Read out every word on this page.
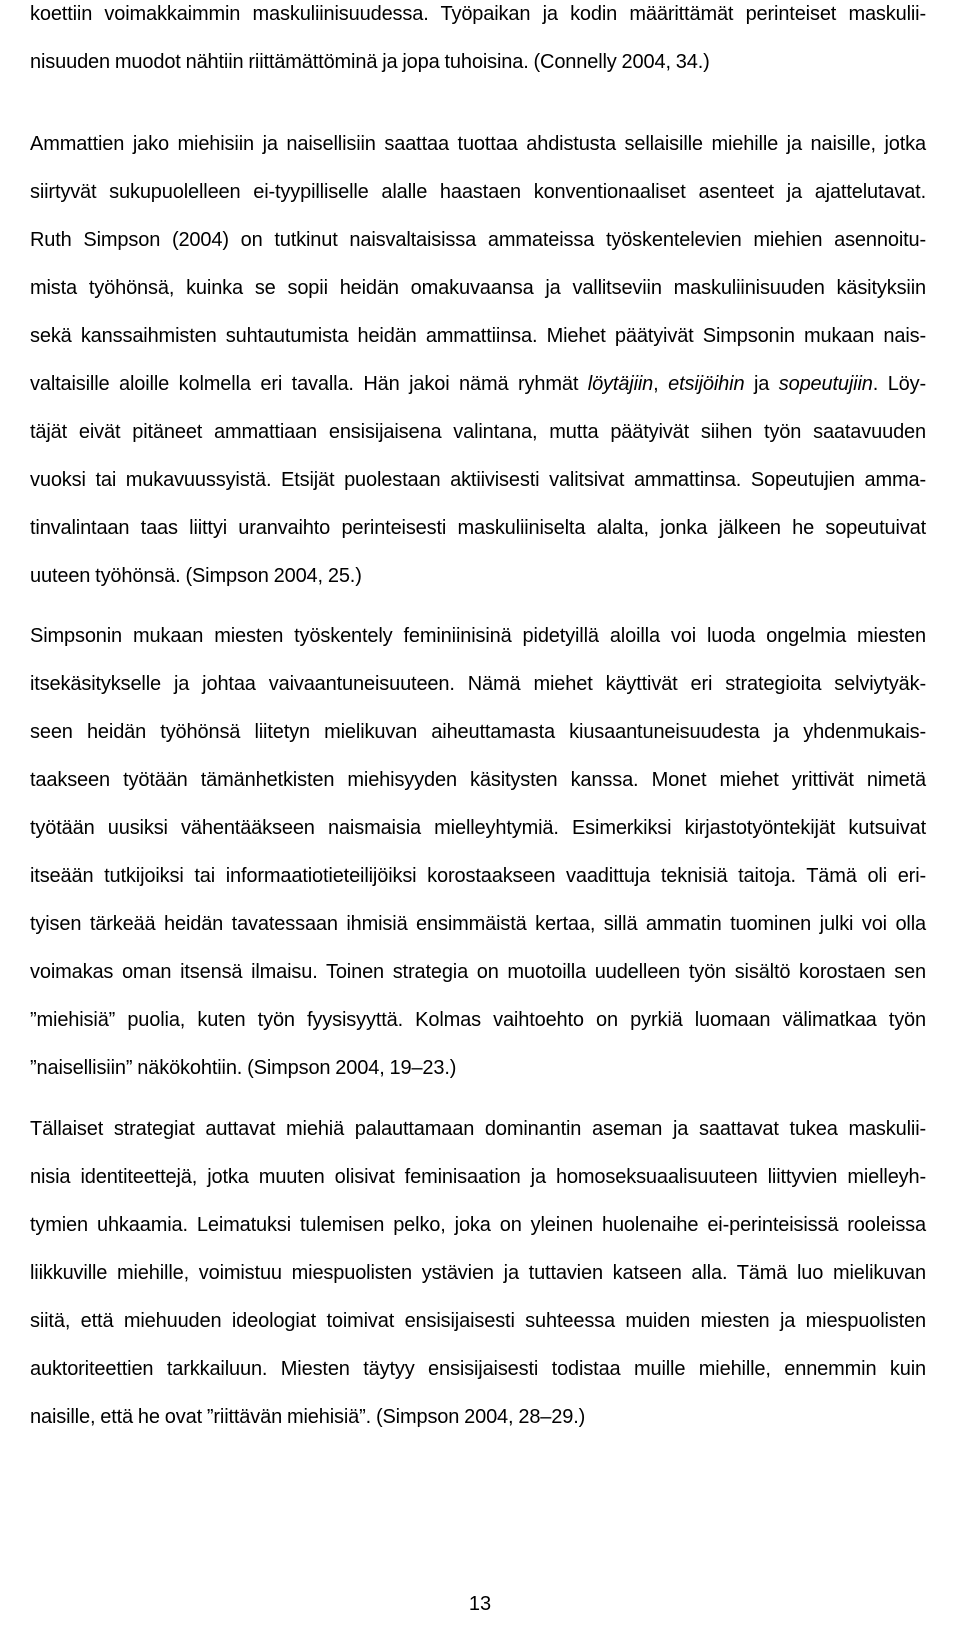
koettiin voimakkaimmin maskuliinisuudessa. Työpaikan ja kodin määrittämät perinteiset maskulii-
nisuuden muodot nähtiin riittämättöminä ja jopa tuhoisina. (Connelly 2004, 34.)

Ammattien jako miehisiin ja naisellisiin saattaa tuottaa ahdistusta sellaisille miehille ja naisille, jotka
siirtyvät sukupuolelleen ei-tyypilliselle alalle haastaen konventionaaliset asenteet ja ajattelutavat.
Ruth Simpson (2004) on tutkinut naisvaltaisissa ammateissa työskentelevien miehien asennoitu-
mista työhönsä, kuinka se sopii heidän omakuvaansa ja vallitseviin maskuliinisuuden käsityksiin
sekä kanssaihmisten suhtautumista heidän ammattiinsa. Miehet päätyivät Simpsonin mukaan nais-
valtaisille aloille kolmella eri tavalla. Hän jakoi nämä ryhmät löytäjiin, etsijöihin ja sopeutujiin. Löy-
täjät eivät pitäneet ammattiaan ensisijaisena valintana, mutta päätyivät siihen työn saatavuuden
vuoksi tai mukavuussyistä. Etsijät puolestaan aktiivisesti valitsivat ammattinsa. Sopeutujien amma-
tinvalintaan taas liittyi uranvaihto perinteisesti maskuliiniselta alalta, jonka jälkeen he sopeutuivat
uuteen työhönsä. (Simpson 2004, 25.)

Simpsonin mukaan miesten työskentely feminiinisinä pidetyillä aloilla voi luoda ongelmia miesten
itsekäsitykselle ja johtaa vaivaantuneisuuteen. Nämä miehet käyttivät eri strategioita selviytyäk-
seen heidän työhönsä liitetyn mielikuvan aiheuttamasta kiusaantuneisuudesta ja yhdenmukais-
taakseen työtään tämänhetkisten miehisyyden käsitysten kanssa. Monet miehet yrittivät nimetä
työtään uusiksi vähentääkseen naismaisia mielleyhtymiä. Esimerkiksi kirjastotyöntekijät kutsuivat
itseään tutkijoiksi tai informaatiotieteilijöiksi korostaakseen vaadittuja teknisiä taitoja. Tämä oli eri-
tyisen tärkeää heidän tavatessaan ihmisiä ensimmäistä kertaa, sillä ammatin tuominen julki voi olla
voimakas oman itsensä ilmaisu. Toinen strategia on muotoilla uudelleen työn sisältö korostaen sen
”miehisiä” puolia, kuten työn fyysisyyttä. Kolmas vaihtoehto on pyrkiä luomaan välimatkaa työn
”naisellisiin” näkökohtiin. (Simpson 2004, 19–23.)

Tällaiset strategiat auttavat miehiä palauttamaan dominantin aseman ja saattavat tukea maskulii-
nisia identiteettejä, jotka muuten olisivat feminisaation ja homoseksuaalisuuteen liittyvien mielleyh-
tymien uhkaamia. Leimatuksi tulemisen pelko, joka on yleinen huolenaihe ei-perinteisissä rooleissa
liikkuville miehille, voimistuu miespuolisten ystävien ja tuttavien katseen alla. Tämä luo mielikuvan
siitä, että miehuuden ideologiat toimivat ensisijaisesti suhteessa muiden miesten ja miespuolisten
auktoriteettien tarkkailuun. Miesten täytyy ensisijaisesti todistaa muille miehille, ennemmin kuin
naisille, että he ovat ”riittävän miehisiä”. (Simpson 2004, 28–29.)

13
